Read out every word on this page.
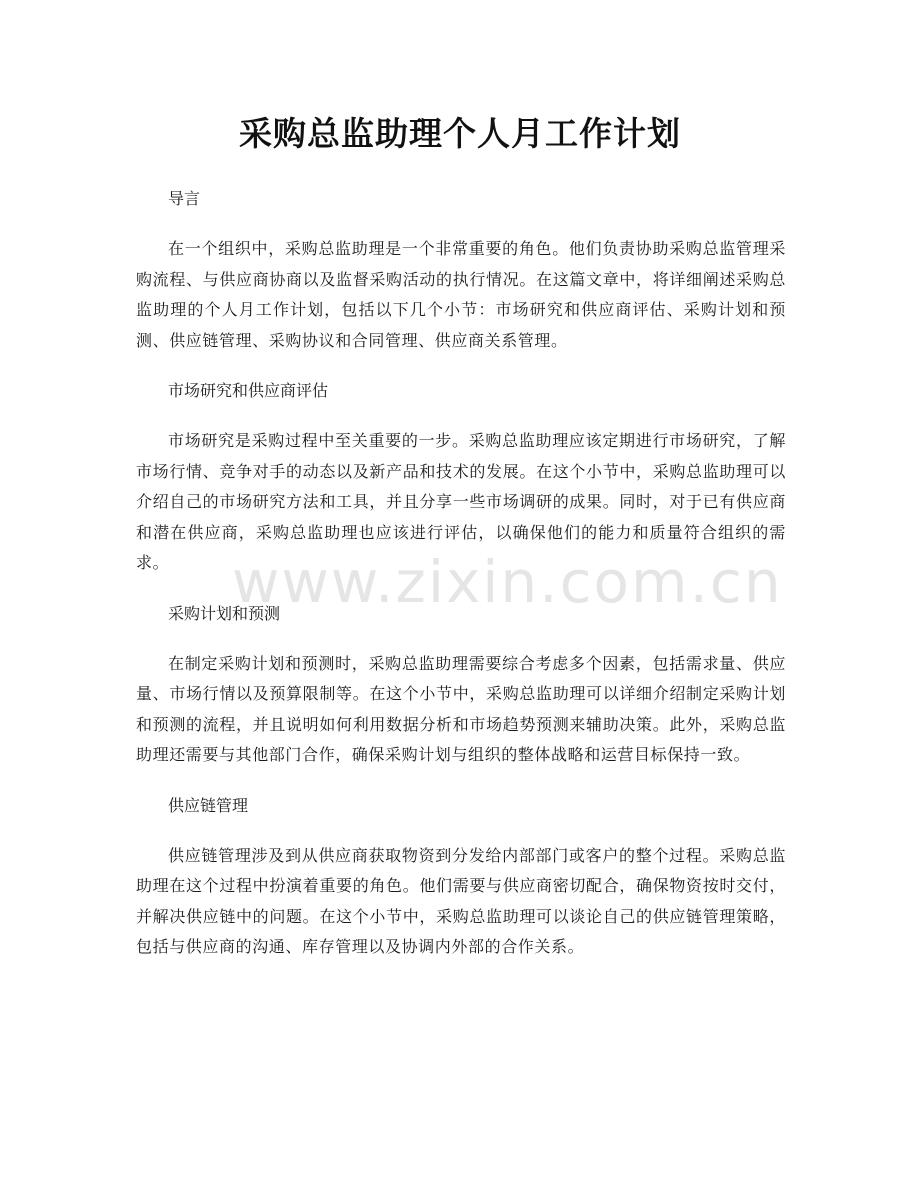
采购总监助理个人月工作计划
导言
在一个组织中，采购总监助理是一个非常重要的角色。他们负责协助采购总监管理采购流程、与供应商协商以及监督采购活动的执行情况。在这篇文章中，将详细阐述采购总监助理的个人月工作计划，包括以下几个小节：市场研究和供应商评估、采购计划和预测、供应链管理、采购协议和合同管理、供应商关系管理。
市场研究和供应商评估
市场研究是采购过程中至关重要的一步。采购总监助理应该定期进行市场研究，了解市场行情、竞争对手的动态以及新产品和技术的发展。在这个小节中，采购总监助理可以介绍自己的市场研究方法和工具，并且分享一些市场调研的成果。同时，对于已有供应商和潜在供应商，采购总监助理也应该进行评估，以确保他们的能力和质量符合组织的需求。
采购计划和预测
在制定采购计划和预测时，采购总监助理需要综合考虑多个因素，包括需求量、供应量、市场行情以及预算限制等。在这个小节中，采购总监助理可以详细介绍制定采购计划和预测的流程，并且说明如何利用数据分析和市场趋势预测来辅助决策。此外，采购总监助理还需要与其他部门合作，确保采购计划与组织的整体战略和运营目标保持一致。
供应链管理
供应链管理涉及到从供应商获取物资到分发给内部部门或客户的整个过程。采购总监助理在这个过程中扮演着重要的角色。他们需要与供应商密切配合，确保物资按时交付，并解决供应链中的问题。在这个小节中，采购总监助理可以谈论自己的供应链管理策略，包括与供应商的沟通、库存管理以及协调内外部的合作关系。
www.zixin.com.cn
